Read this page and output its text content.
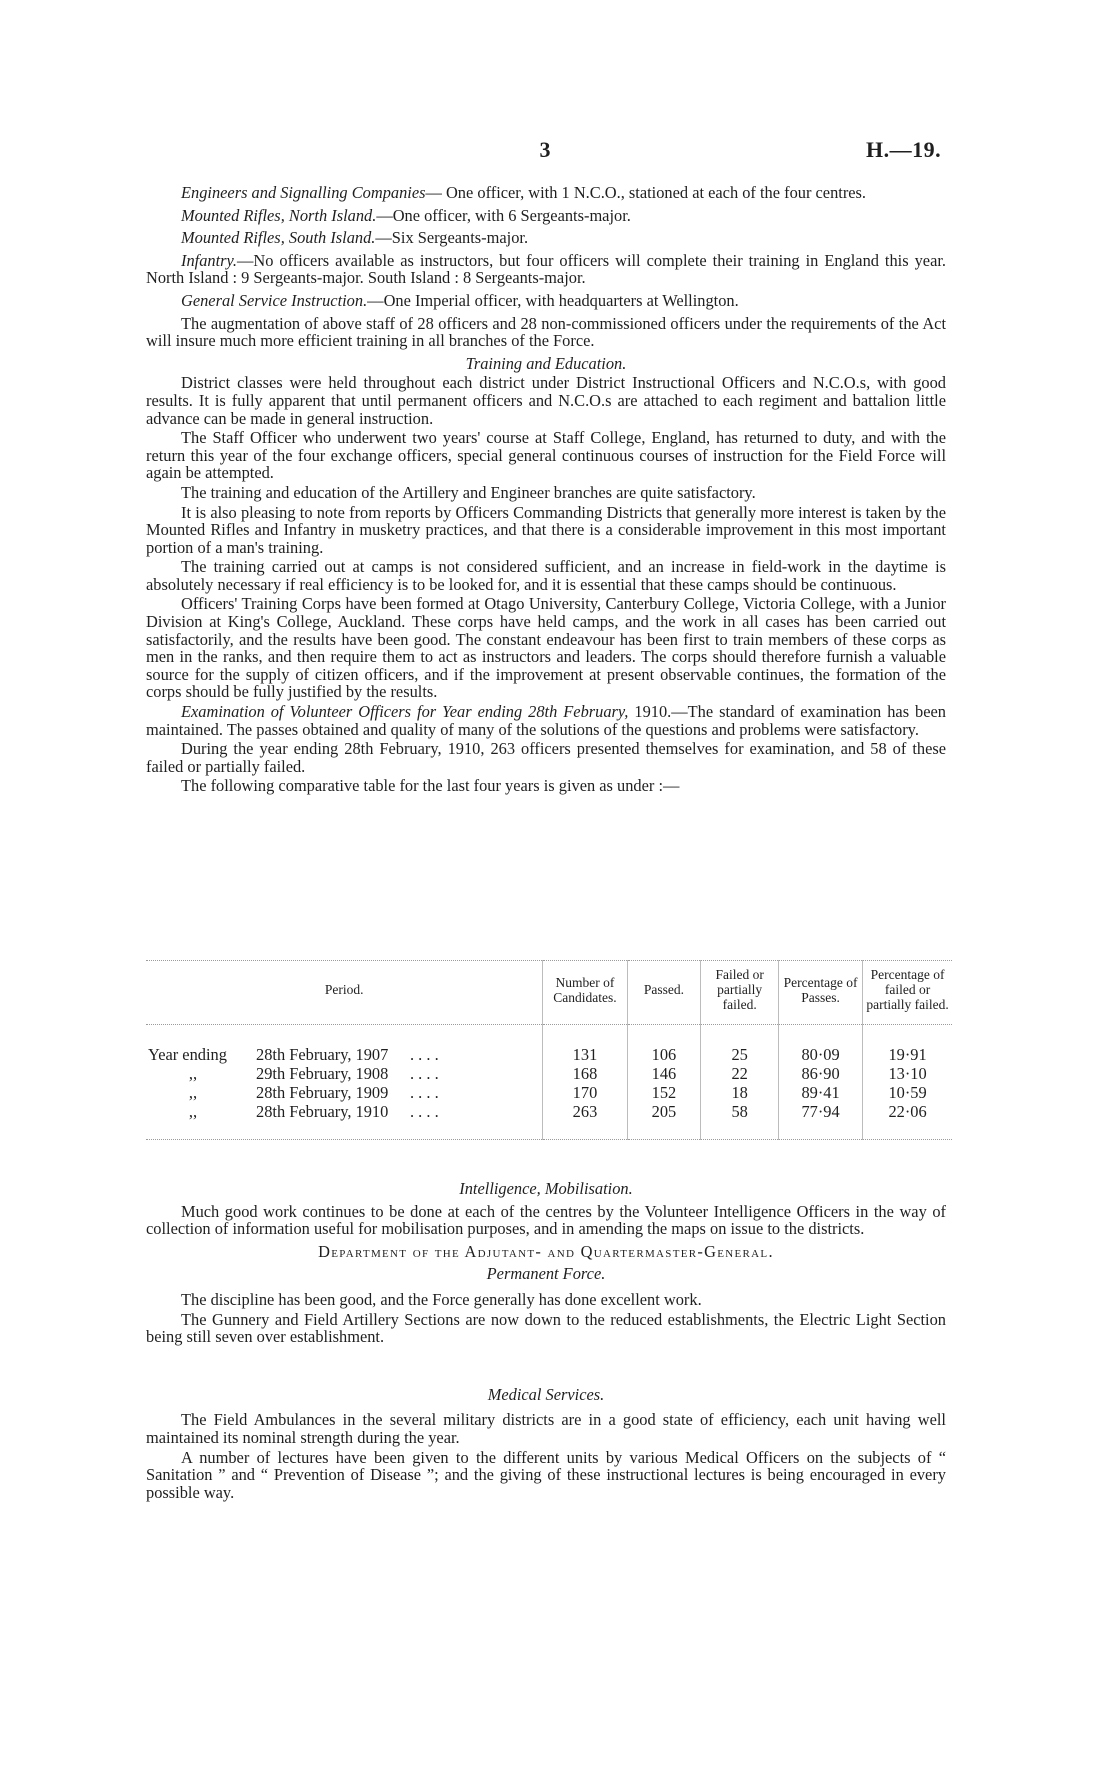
3	H.—19.

Engineers and Signalling Companies— One officer, with 1 N.C.O., stationed at each of the four centres.

Mounted Rifles, North Island.—One officer, with 6 Sergeants-major.

Mounted Rifles, South Island.—Six Sergeants-major.

Infantry.—No officers available as instructors, but four officers will complete their training in England this year. North Island : 9 Sergeants-major. South Island : 8 Sergeants-major.

General Service Instruction.—One Imperial officer, with headquarters at Wellington.

The augmentation of above staff of 28 officers and 28 non-commissioned officers under the requirements of the Act will insure much more efficient training in all branches of the Force.

Training and Education.

District classes were held throughout each district under District Instructional Officers and N.C.O.s, with good results. It is fully apparent that until permanent officers and N.C.O.s are attached to each regiment and battalion little advance can be made in general instruction.

The Staff Officer who underwent two years' course at Staff College, England, has returned to duty, and with the return this year of the four exchange officers, special general continuous courses of instruction for the Field Force will again be attempted.

The training and education of the Artillery and Engineer branches are quite satisfactory.

It is also pleasing to note from reports by Officers Commanding Districts that generally more interest is taken by the Mounted Rifles and Infantry in musketry practices, and that there is a considerable improvement in this most important portion of a man's training.

The training carried out at camps is not considered sufficient, and an increase in field-work in the daytime is absolutely necessary if real efficiency is to be looked for, and it is essential that these camps should be continuous.

Officers' Training Corps have been formed at Otago University, Canterbury College, Victoria College, with a Junior Division at King's College, Auckland. These corps have held camps, and the work in all cases has been carried out satisfactorily, and the results have been good. The constant endeavour has been first to train members of these corps as men in the ranks, and then require them to act as instructors and leaders. The corps should therefore furnish a valuable source for the supply of citizen officers, and if the improvement at present observable continues, the formation of the corps should be fully justified by the results.

Examination of Volunteer Officers for Year ending 28th February, 1910.—The standard of examination has been maintained. The passes obtained and quality of many of the solutions of the questions and problems were satisfactory.

During the year ending 28th February, 1910, 263 officers presented themselves for examination, and 58 of these failed or partially failed.

The following comparative table for the last four years is given as under :—

Period.	Number of Candidates.	Passed.	Failed or partially failed.	Percentage of Passes.	Percentage of failed or partially failed.

Year ending 28th February, 1907 . . . .	131	106	25	80·09	19·91
,, 29th February, 1908 . . . .	168	146	22	86·90	13·10
,, 28th February, 1909 . . . .	170	152	18	89·41	10·59
,, 28th February, 1910 . . . .	263	205	58	77·94	22·06

Intelligence, Mobilisation.

Much good work continues to be done at each of the centres by the Volunteer Intelligence Officers in the way of collection of information useful for mobilisation purposes, and in amending the maps on issue to the districts.

Department of the Adjutant- and Quartermaster-General.

Permanent Force.

The discipline has been good, and the Force generally has done excellent work.

The Gunnery and Field Artillery Sections are now down to the reduced establishments, the Electric Light Section being still seven over establishment.

Medical Services.

The Field Ambulances in the several military districts are in a good state of efficiency, each unit having well maintained its nominal strength during the year.

A number of lectures have been given to the different units by various Medical Officers on the subjects of “ Sanitation ” and “ Prevention of Disease ”; and the giving of these instructional lectures is being encouraged in every possible way.
